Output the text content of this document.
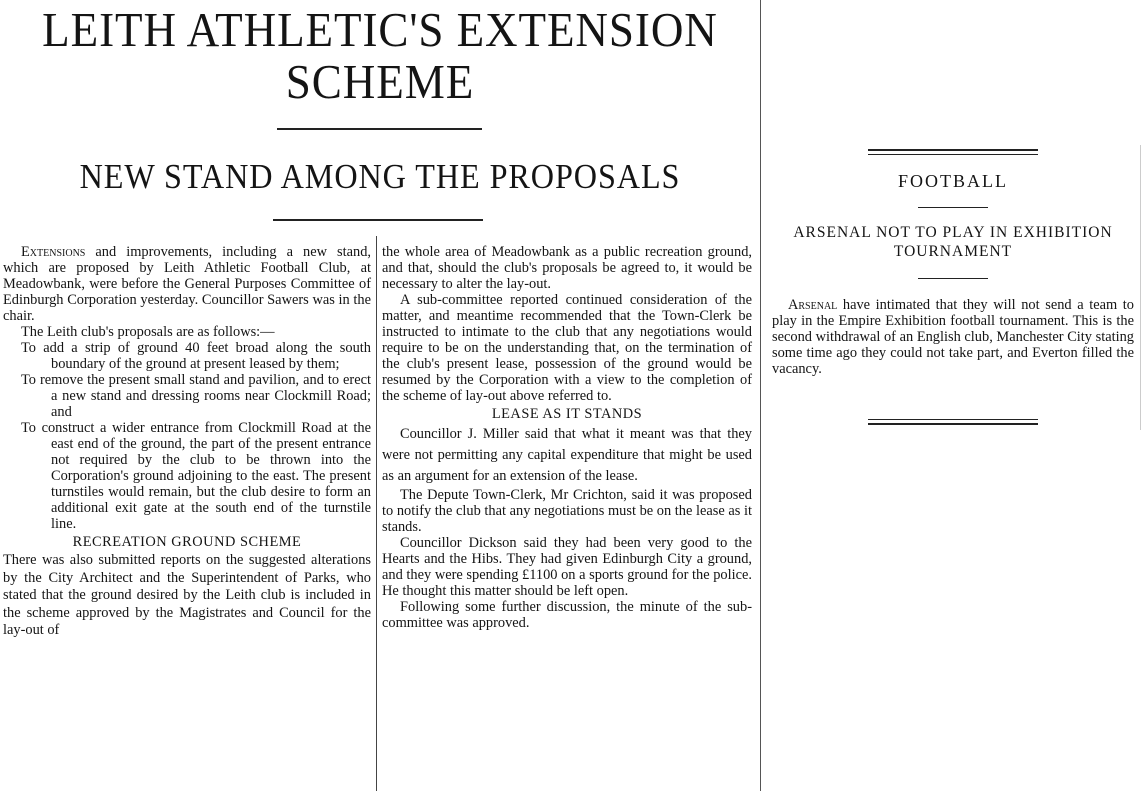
LEITH ATHLETIC'S EXTENSION
SCHEME
NEW STAND AMONG THE PROPOSALS

Extensions and improvements, including a new stand, which are proposed by Leith Athletic Football Club, at Meadowbank, were before the General Purposes Committee of Edinburgh Corporation yesterday. Councillor Sawers was in the chair.

The Leith club's proposals are as follows:—

To add a strip of ground 40 feet broad along the south boundary of the ground at present leased by them;

To remove the present small stand and pavilion, and to erect a new stand and dressing rooms near Clockmill Road; and

To construct a wider entrance from Clockmill Road at the east end of the ground, the part of the present entrance not required by the club to be thrown into the Corporation's ground adjoining to the east. The present turnstiles would remain, but the club desire to form an additional exit gate at the south end of the turnstile line.

RECREATION GROUND SCHEME

There was also submitted reports on the suggested alterations by the City Architect and the Superintendent of Parks, who stated that the ground desired by the Leith club is included in the scheme approved by the Magistrates and Council for the lay-out of

the whole area of Meadowbank as a public recreation ground, and that, should the club's proposals be agreed to, it would be necessary to alter the lay-out.

A sub-committee reported continued consideration of the matter, and meantime recommended that the Town-Clerk be instructed to intimate to the club that any negotiations would require to be on the understanding that, on the termination of the club's present lease, possession of the ground would be resumed by the Corporation with a view to the completion of the scheme of lay-out above referred to.

LEASE AS IT STANDS

Councillor J. Miller said that what it meant was that they were not permitting any capital expenditure that might be used as an argument for an extension of the lease.

The Depute Town-Clerk, Mr Crichton, said it was proposed to notify the club that any negotiations must be on the lease as it stands.

Councillor Dickson said they had been very good to the Hearts and the Hibs. They had given Edinburgh City a ground, and they were spending £1100 on a sports ground for the police. He thought this matter should be left open.

Following some further discussion, the minute of the sub-committee was approved.

FOOTBALL
ARSENAL NOT TO PLAY IN EXHIBITION TOURNAMENT

Arsenal have intimated that they will not send a team to play in the Empire Exhibition football tournament. This is the second withdrawal of an English club, Manchester City stating some time ago they could not take part, and Everton filled the vacancy.
